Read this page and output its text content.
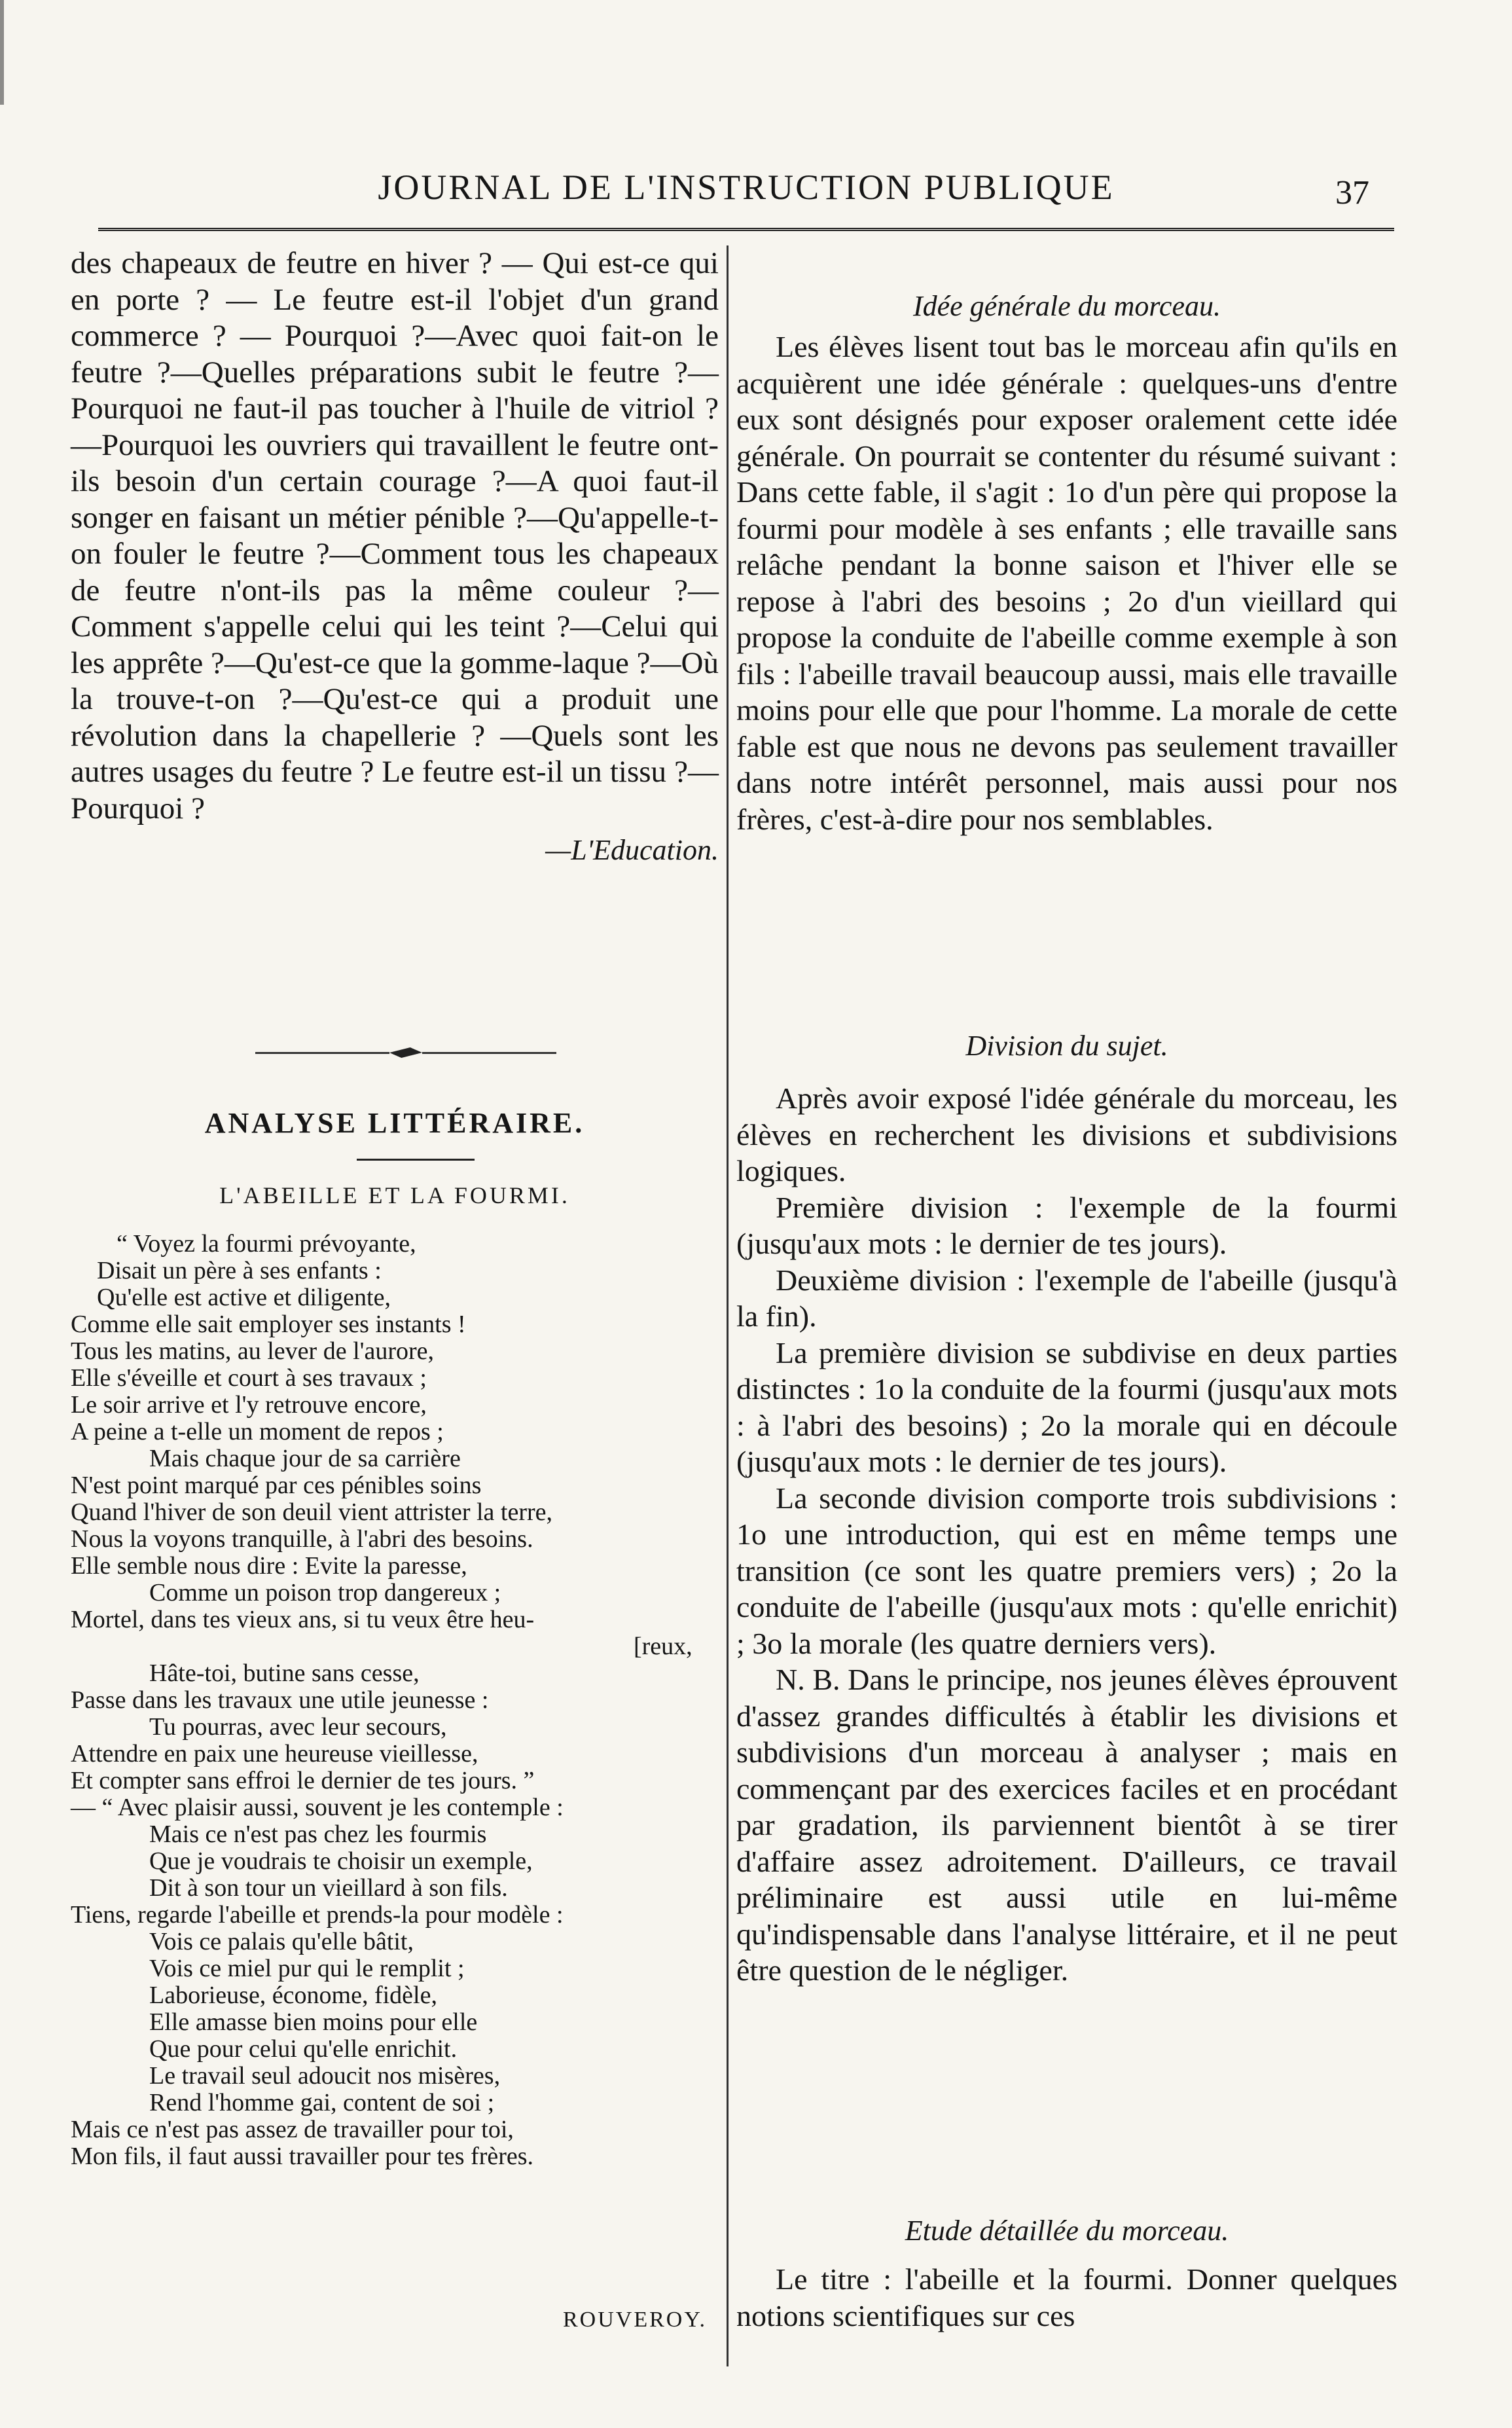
JOURNAL DE L'INSTRUCTION PUBLIQUE	37

des chapeaux de feutre en hiver ? — Qui est-ce qui en porte ? — Le feutre est-il l'objet d'un grand commerce ? — Pourquoi ?—Avec quoi fait-on le feutre ?—Quelles préparations subit le feutre ?—Pourquoi ne faut-il pas toucher à l'huile de vitriol ?—Pourquoi les ouvriers qui travaillent le feutre ont-ils besoin d'un certain courage ?—A quoi faut-il songer en faisant un métier pénible ?—Qu'appelle-t-on fouler le feutre ?—Comment tous les chapeaux de feutre n'ont-ils pas la même couleur ?—Comment s'appelle celui qui les teint ?—Celui qui les apprête ?—Qu'est-ce que la gomme-laque ?—Où la trouve-t-on ?—Qu'est-ce qui a produit une révolution dans la chapellerie ? —Quels sont les autres usages du feutre ? Le feutre est-il un tissu ?—Pourquoi ?

—L'Education.

ANALYSE LITTÉRAIRE.
L'ABEILLE ET LA FOURMI.
“ Voyez la fourmi prévoyante,
Disait un père à ses enfants :
Qu'elle est active et diligente,
Comme elle sait employer ses instants !
Tous les matins, au lever de l'aurore,
Elle s'éveille et court à ses travaux ;
Le soir arrive et l'y retrouve encore,
A peine a t-elle un moment de repos ;
Mais chaque jour de sa carrière
N'est point marqué par ces pénibles soins
Quand l'hiver de son deuil vient attrister la terre,
Nous la voyons tranquille, à l'abri des besoins.
Elle semble nous dire : Evite la paresse,
Comme un poison trop dangereux ;
Mortel, dans tes vieux ans, si tu veux être heu-
[reux,
Hâte-toi, butine sans cesse,
Passe dans les travaux une utile jeunesse :
Tu pourras, avec leur secours,
Attendre en paix une heureuse vieillesse,
Et compter sans effroi le dernier de tes jours. ”
— “ Avec plaisir aussi, souvent je les contemple :
Mais ce n'est pas chez les fourmis
Que je voudrais te choisir un exemple,
Dit à son tour un vieillard à son fils.
Tiens, regarde l'abeille et prends-la pour modèle :
Vois ce palais qu'elle bâtit,
Vois ce miel pur qui le remplit ;
Laborieuse, économe, fidèle,
Elle amasse bien moins pour elle
Que pour celui qu'elle enrichit.
Le travail seul adoucit nos misères,
Rend l'homme gai, content de soi ;
Mais ce n'est pas assez de travailler pour toi,
Mon fils, il faut aussi travailler pour tes frères.

ROUVEROY.

Idée générale du morceau.

Les élèves lisent tout bas le morceau afin qu'ils en acquièrent une idée générale : quelques-uns d'entre eux sont désignés pour exposer oralement cette idée générale. On pourrait se contenter du résumé suivant : Dans cette fable, il s'agit : 1o d'un père qui propose la fourmi pour modèle à ses enfants ; elle travaille sans relâche pendant la bonne saison et l'hiver elle se repose à l'abri des besoins ; 2o d'un vieillard qui propose la conduite de l'abeille comme exemple à son fils : l'abeille travail beaucoup aussi, mais elle travaille moins pour elle que pour l'homme. La morale de cette fable est que nous ne devons pas seulement travailler dans notre intérêt personnel, mais aussi pour nos frères, c'est-à-dire pour nos semblables.

Division du sujet.

Après avoir exposé l'idée générale du morceau, les élèves en recherchent les divisions et subdivisions logiques.

Première division : l'exemple de la fourmi (jusqu'aux mots : le dernier de tes jours).

Deuxième division : l'exemple de l'abeille (jusqu'à la fin).

La première division se subdivise en deux parties distinctes : 1o la conduite de la fourmi (jusqu'aux mots : à l'abri des besoins) ; 2o la morale qui en découle (jusqu'aux mots : le dernier de tes jours).

La seconde division comporte trois subdivisions : 1o une introduction, qui est en même temps une transition (ce sont les quatre premiers vers) ; 2o la conduite de l'abeille (jusqu'aux mots : qu'elle enrichit) ; 3o la morale (les quatre derniers vers).

N. B. Dans le principe, nos jeunes élèves éprouvent d'assez grandes difficultés à établir les divisions et subdivisions d'un morceau à analyser ; mais en commençant par des exercices faciles et en procédant par gradation, ils parviennent bientôt à se tirer d'affaire assez adroitement. D'ailleurs, ce travail préliminaire est aussi utile en lui-même qu'indispensable dans l'analyse littéraire, et il ne peut être question de le négliger.

Etude détaillée du morceau.

Le titre : l'abeille et la fourmi. Donner quelques notions scientifiques sur ces
